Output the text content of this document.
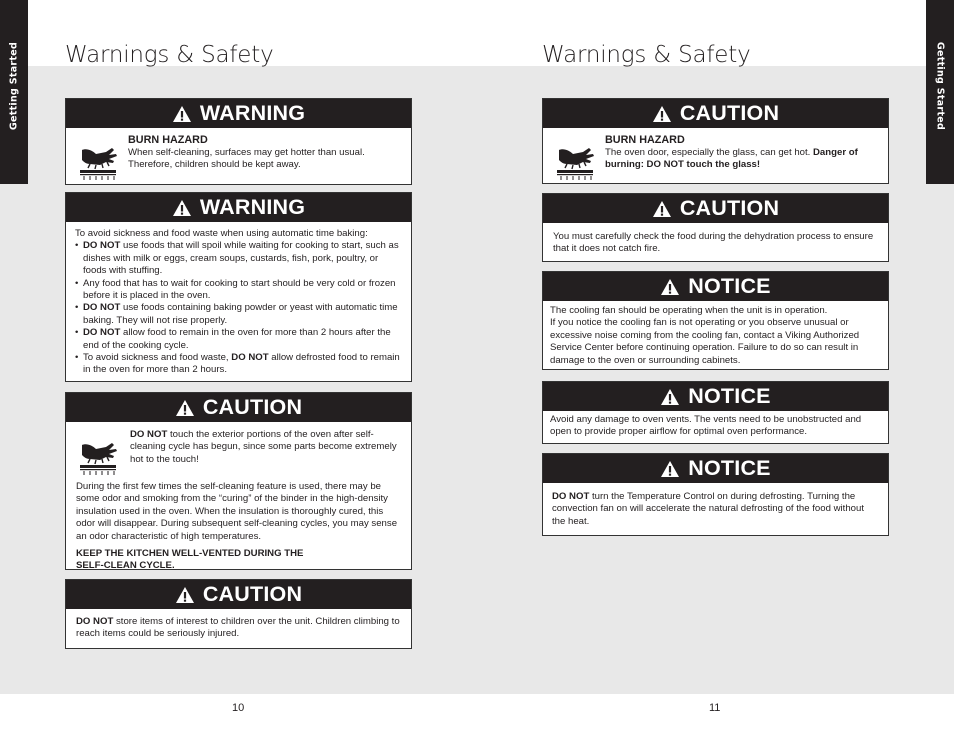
Getting Started	Getting Started
Warnings & Safety
WARNING
BURN HAZARD
When self-cleaning, surfaces may get hotter than usual. Therefore, children should be kept away.
WARNING
To avoid sickness and food waste when using automatic time baking:
• DO NOT use foods that will spoil while waiting for cooking to start, such as dishes with milk or eggs, cream soups, custards, fish, pork, poultry, or foods with stuffing.
• Any food that has to wait for cooking to start should be very cold or frozen before it is placed in the oven.
• DO NOT use foods containing baking powder or yeast with automatic time baking. They will not rise properly.
• DO NOT allow food to remain in the oven for more than 2 hours after the end of the cooking cycle.
• To avoid sickness and food waste, DO NOT allow defrosted food to remain in the oven for more than 2 hours.
CAUTION
DO NOT touch the exterior portions of the oven after self-cleaning cycle has begun, since some parts become extremely hot to the touch!
During the first few times the self-cleaning feature is used, there may be some odor and smoking from the “curing” of the binder in the high-density insulation used in the oven. When the insulation is thoroughly cured, this odor will disappear. During subsequent self-cleaning cycles, you may sense an odor characteristic of high temperatures.
KEEP THE KITCHEN WELL-VENTED DURING THE
SELF-CLEAN CYCLE.
CAUTION
DO NOT store items of interest to children over the unit. Children climbing to reach items could be seriously injured.
10
Warnings & Safety
CAUTION
BURN HAZARD
The oven door, especially the glass, can get hot. Danger of burning: DO NOT touch the glass!
CAUTION
You must carefully check the food during the dehydration process to ensure that it does not catch fire.
NOTICE
The cooling fan should be operating when the unit is in operation.
If you notice the cooling fan is not operating or you observe unusual or excessive noise coming from the cooling fan, contact a Viking Authorized Service Center before continuing operation. Failure to do so can result in damage to the oven or surrounding cabinets.
NOTICE
Avoid any damage to oven vents. The vents need to be unobstructed and open to provide proper airflow for optimal oven performance.
NOTICE
DO NOT turn the Temperature Control on during defrosting. Turning the convection fan on will accelerate the natural defrosting of the food without the heat.
11
